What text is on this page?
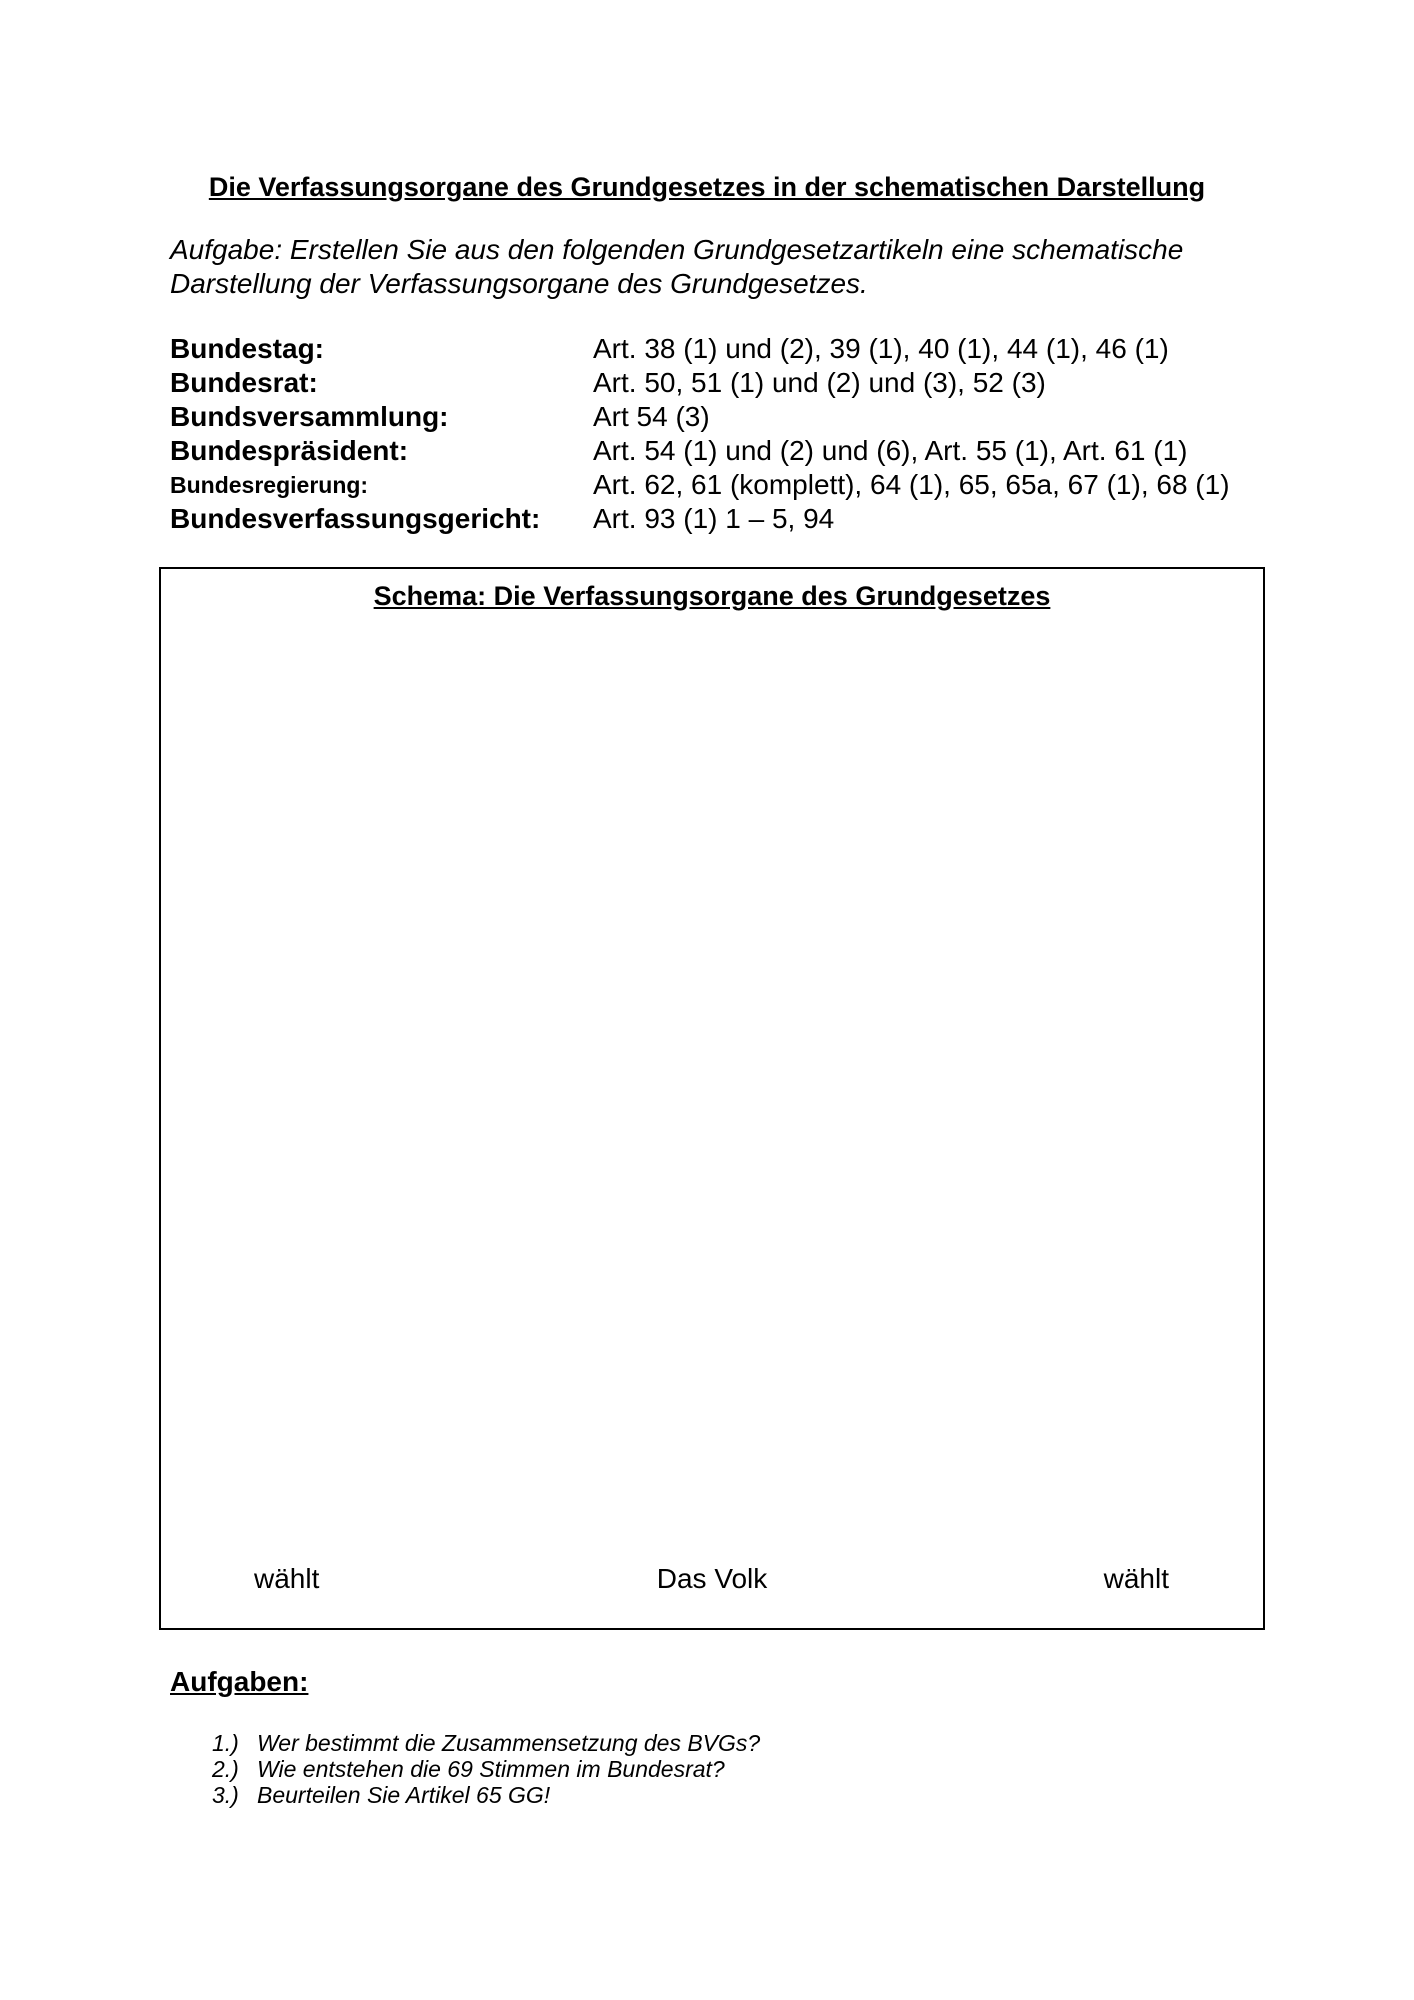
Die Verfassungsorgane des Grundgesetzes in der schematischen Darstellung
Aufgabe: Erstellen Sie aus den folgenden Grundgesetzartikeln eine schematische
Darstellung der Verfassungsorgane des Grundgesetzes.
Bundestag:	Art. 38 (1) und (2), 39 (1), 40 (1), 44 (1), 46 (1)
Bundesrat:	Art. 50, 51 (1) und (2) und (3), 52 (3)
Bundsversammlung:	Art 54 (3)
Bundespräsident:	Art. 54 (1) und (2) und (6), Art. 55 (1), Art. 61 (1)
Bundesregierung:	Art. 62, 61 (komplett), 64 (1), 65, 65a, 67 (1), 68 (1)
Bundesverfassungsgericht:	Art. 93 (1) 1 – 5, 94
Schema: Die Verfassungsorgane des Grundgesetzes
wählt	Das Volk	wählt
Aufgaben:
1.) Wer bestimmt die Zusammensetzung des BVGs?
2.) Wie entstehen die 69 Stimmen im Bundesrat?
3.) Beurteilen Sie Artikel 65 GG!
